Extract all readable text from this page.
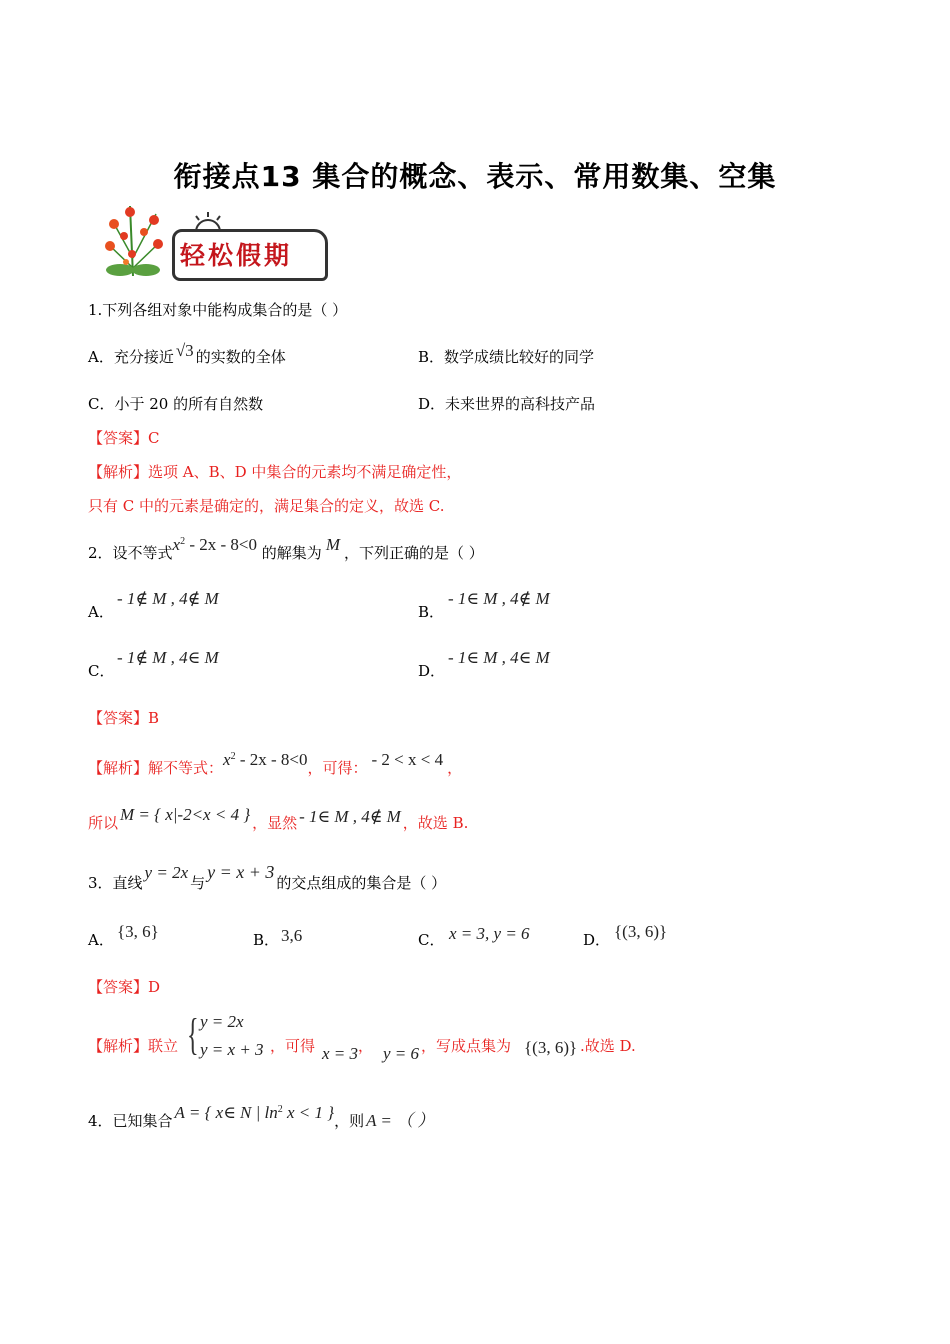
衔接点13 集合的概念、表示、常用数集、空集
轻松假期
1.下列各组对象中能构成集合的是（ ）
A．充分接近 √3 的实数的全体	B．数学成绩比较好的同学
C．小于 20 的所有自然数	D．未来世界的高科技产品
【答案】C
【解析】选项 A、B、D 中集合的元素均不满足确定性，
只有 C 中的元素是确定的，满足集合的定义，故选 C.
2．设不等式$x^2 - 2x - 8<0$ 的解集为 M ，下列正确的是（ ）
A．
- 1∉ M , 4∉ M
B．
- 1∈ M , 4∉ M
C．
- 1∉ M , 4∈ M
D．
- 1∈ M , 4∈ M
【答案】B
【解析】解不等式：$x^2 - 2x - 8<0$，可得： - 2 < x < 4 ，
所以 M = { x|-2<x < 4 } ，显然 - 1∈ M , 4∉ M ，故选 B.
3．直线y = 2x与y = x + 3的交点组成的集合是（ ）
A． {3, 6}	B． 3,6	C． x = 3, y = 6	D． {(3, 6)}
【答案】D
【解析】联立 { y = 2x
y = x + 3 ，可得 x = 3 ， y = 6 ，写成点集为 {(3, 6)} .故选 D.
4．已知集合 A = { x∈ N | $\ln^2 x < 1$ }，则 A = （ ）
